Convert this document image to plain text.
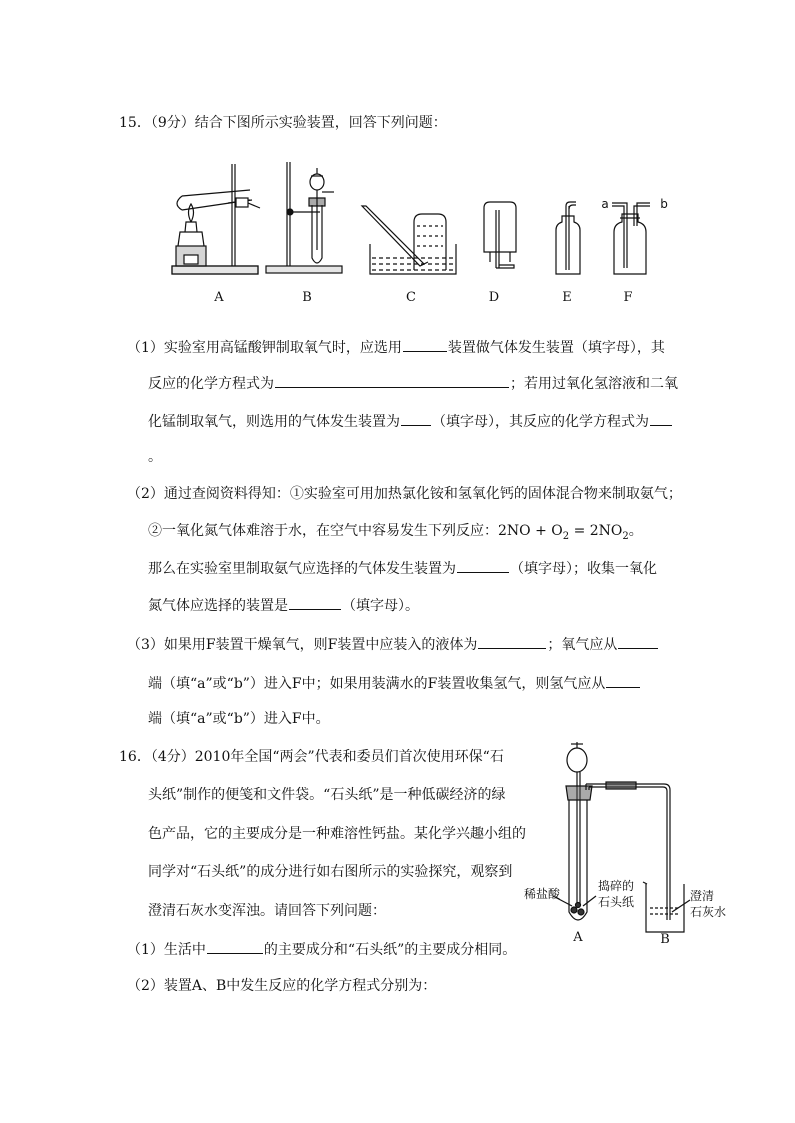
15．（9分）结合下图所示实验装置，回答下列问题：
A	B	C	D	E	F
a	b
（1）实验室用高锰酸钾制取氧气时，应选用	装置做气体发生装置（填字母），其
反应的化学方程式为	；若用过氧化氢溶液和二氧
化锰制取氧气，则选用的气体发生装置为 （填字母），其反应的化学方程式为
。
（2）通过查阅资料得知：①实验室可用加热氯化铵和氢氧化钙的固体混合物来制取氨气；
②一氧化氮气体难溶于水，在空气中容易发生下列反应：$2NO + O_2 = 2NO_2$。
那么在实验室里制取氨气应选择的气体发生装置为	（填字母）；收集一氧化
氮气体应选择的装置是	（填字母）。
（3）如果用F装置干燥氧气，则F装置中应装入的液体为	；氧气应从
端（填“a”或“b”）进入F中；如果用装满水的F装置收集氢气，则氢气应从
端（填“a”或“b”）进入F中。
16．（4分）2010年全国“两会”代表和委员们首次使用环保“石
头纸”制作的便笺和文件袋。“石头纸”是一种低碳经济的绿
色产品，它的主要成分是一种难溶性钙盐。某化学兴趣小组的
同学对“石头纸”的成分进行如右图所示的实验探究，观察到
澄清石灰水变浑浊。请回答下列问题：
（1）生活中	的主要成分和“石头纸”的主要成分相同。
（2）装置A、B中发生反应的化学方程式分别为：
稀盐酸
捣碎的
石头纸	澄清
石灰水
A	B
